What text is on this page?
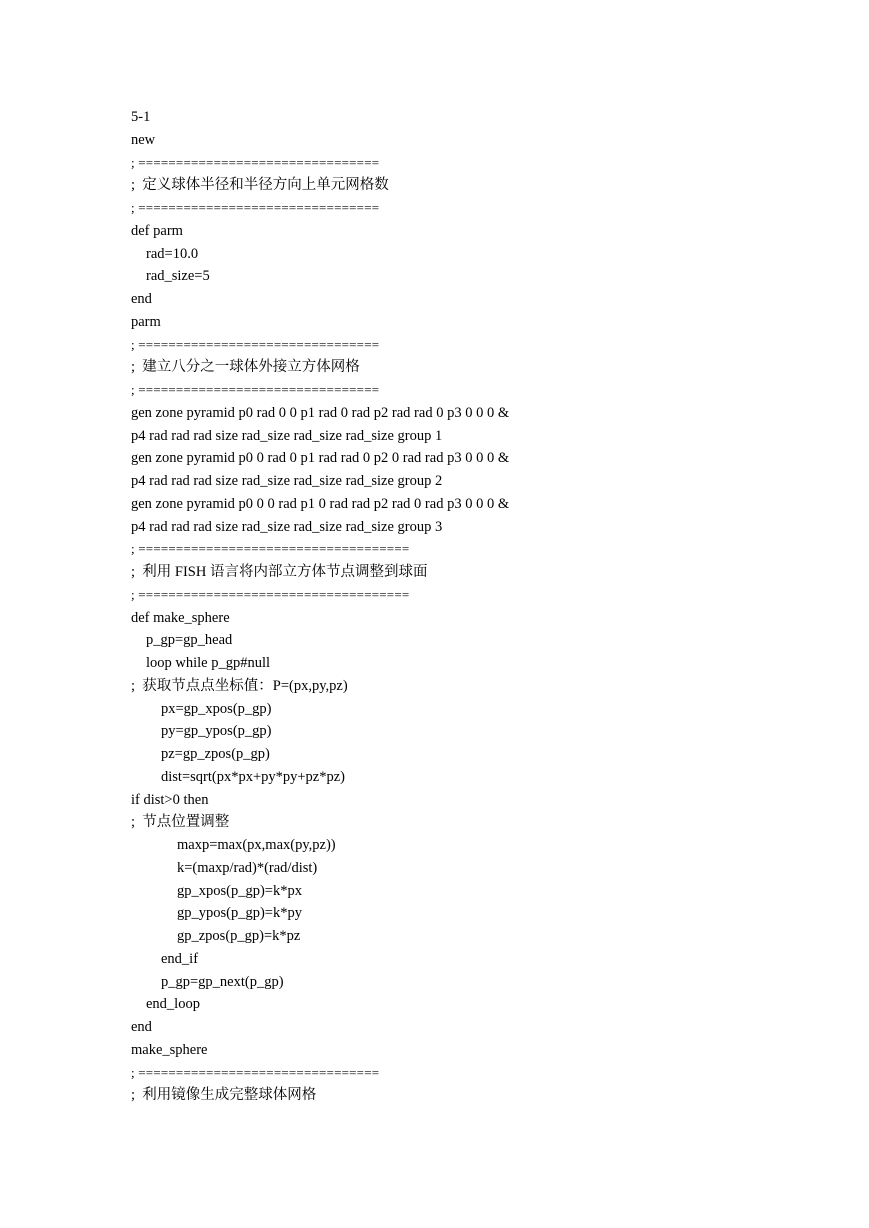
5-1
new
; ================================
;  定义球体半径和半径方向上单元网格数
; ================================
def parm
rad=10.0
rad_size=5
end
parm
; ================================
;  建立八分之一球体外接立方体网格
; ================================
gen zone pyramid p0 rad 0 0 p1 rad 0 rad p2 rad rad 0 p3 0 0 0 &
p4 rad rad rad size rad_size rad_size rad_size group 1
gen zone pyramid p0 0 rad 0 p1 rad rad 0 p2 0 rad rad p3 0 0 0 &
p4 rad rad rad size rad_size rad_size rad_size group 2
gen zone pyramid p0 0 0 rad p1 0 rad rad p2 rad 0 rad p3 0 0 0 &
p4 rad rad rad size rad_size rad_size rad_size group 3
; ====================================
;  利用 FISH 语言将内部立方体节点调整到球面
; ====================================
def make_sphere
p_gp=gp_head
loop while p_gp#null
;  获取节点点坐标值：P=(px,py,pz)
px=gp_xpos(p_gp)
py=gp_ypos(p_gp)
pz=gp_zpos(p_gp)
dist=sqrt(px*px+py*py+pz*pz)
if dist>0 then
;  节点位置调整
maxp=max(px,max(py,pz))
k=(maxp/rad)*(rad/dist)
gp_xpos(p_gp)=k*px
gp_ypos(p_gp)=k*py
gp_zpos(p_gp)=k*pz
end_if
p_gp=gp_next(p_gp)
end_loop
end
make_sphere
; ================================
;  利用镜像生成完整球体网格
